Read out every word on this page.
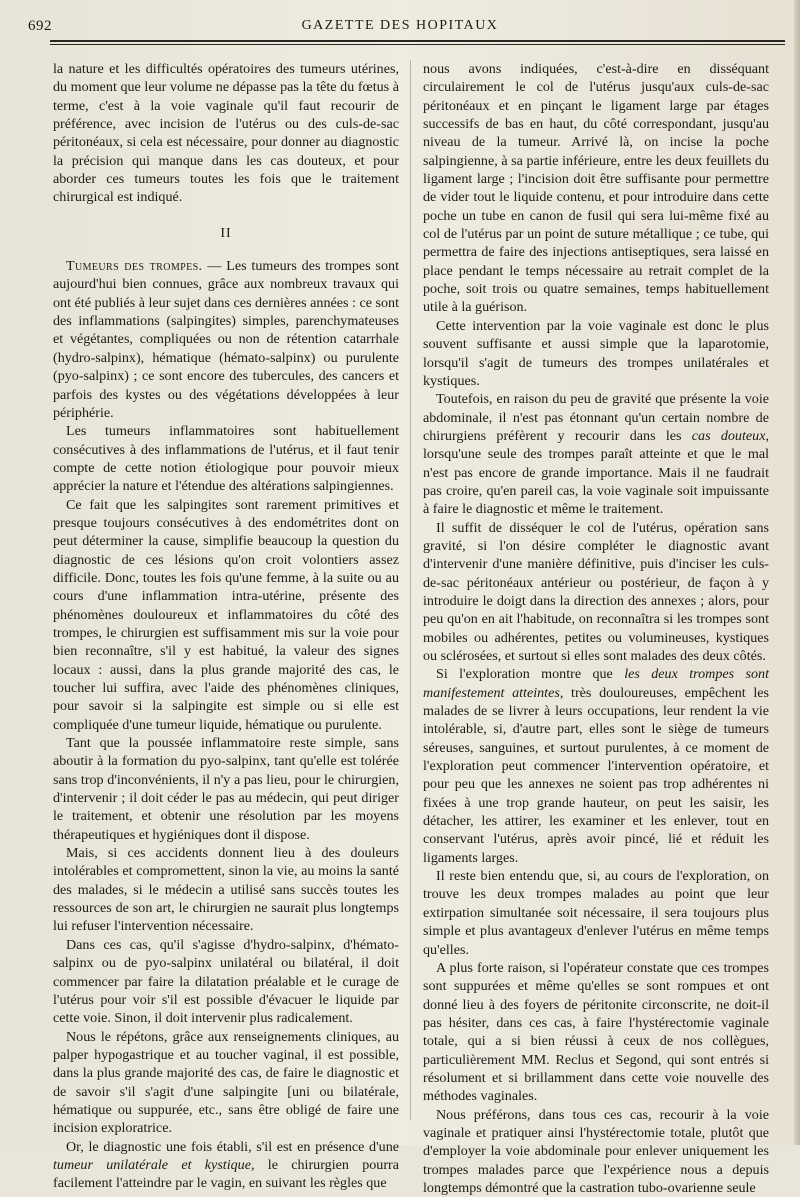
692	GAZETTE DES HOPITAUX

la nature et les difficultés opératoires des tumeurs utérines, du moment que leur volume ne dépasse pas la tête du fœtus à terme, c'est à la voie vaginale qu'il faut recourir de préférence, avec incision de l'utérus ou des culs-de-sac péritonéaux, si cela est nécessaire, pour donner au diagnostic la précision qui manque dans les cas douteux, et pour aborder ces tumeurs toutes les fois que le traitement chirurgical est indiqué.

II

Tumeurs des trompes. — Les tumeurs des trompes sont aujourd'hui bien connues, grâce aux nombreux travaux qui ont été publiés à leur sujet dans ces dernières années : ce sont des inflammations (salpingites) simples, parenchymateuses et végétantes, compliquées ou non de rétention catarrhale (hydro-salpinx), hématique (hémato-salpinx) ou purulente (pyo-salpinx) ; ce sont encore des tubercules, des cancers et parfois des kystes ou des végétations développées à leur périphérie.

Les tumeurs inflammatoires sont habituellement consécutives à des inflammations de l'utérus, et il faut tenir compte de cette notion étiologique pour pouvoir mieux apprécier la nature et l'étendue des altérations salpingiennes.

Ce fait que les salpingites sont rarement primitives et presque toujours consécutives à des endométrites dont on peut déterminer la cause, simplifie beaucoup la question du diagnostic de ces lésions qu'on croit volontiers assez difficile. Donc, toutes les fois qu'une femme, à la suite ou au cours d'une inflammation intra-utérine, présente des phénomènes douloureux et inflammatoires du côté des trompes, le chirurgien est suffisamment mis sur la voie pour bien reconnaître, s'il y est habitué, la valeur des signes locaux : aussi, dans la plus grande majorité des cas, le toucher lui suffira, avec l'aide des phénomènes cliniques, pour savoir si la salpingite est simple ou si elle est compliquée d'une tumeur liquide, hématique ou purulente.

Tant que la poussée inflammatoire reste simple, sans aboutir à la formation du pyo-salpinx, tant qu'elle est tolérée sans trop d'inconvénients, il n'y a pas lieu, pour le chirurgien, d'intervenir ; il doit céder le pas au médecin, qui peut diriger le traitement, et obtenir une résolution par les moyens thérapeutiques et hygiéniques dont il dispose.

Mais, si ces accidents donnent lieu à des douleurs intolérables et compromettent, sinon la vie, au moins la santé des malades, si le médecin a utilisé sans succès toutes les ressources de son art, le chirurgien ne saurait plus longtemps lui refuser l'intervention nécessaire.

Dans ces cas, qu'il s'agisse d'hydro-salpinx, d'hémato-salpinx ou de pyo-salpinx unilatéral ou bilatéral, il doit commencer par faire la dilatation préalable et le curage de l'utérus pour voir s'il est possible d'évacuer le liquide par cette voie. Sinon, il doit intervenir plus radicalement.

Nous le répétons, grâce aux renseignements cliniques, au palper hypogastrique et au toucher vaginal, il est possible, dans la plus grande majorité des cas, de faire le diagnostic et de savoir s'il s'agit d'une salpingite [uni ou bilatérale, hématique ou suppurée, etc., sans être obligé de faire une incision exploratrice.

Or, le diagnostic une fois établi, s'il est en présence d'une tumeur unilatérale et kystique, le chirurgien pourra facilement l'atteindre par le vagin, en suivant les règles que

nous avons indiquées, c'est-à-dire en disséquant circulairement le col de l'utérus jusqu'aux culs-de-sac péritonéaux et en pinçant le ligament large par étages successifs de bas en haut, du côté correspondant, jusqu'au niveau de la tumeur. Arrivé là, on incise la poche salpingienne, à sa partie inférieure, entre les deux feuillets du ligament large ; l'incision doit être suffisante pour permettre de vider tout le liquide contenu, et pour introduire dans cette poche un tube en canon de fusil qui sera lui-même fixé au col de l'utérus par un point de suture métallique ; ce tube, qui permettra de faire des injections antiseptiques, sera laissé en place pendant le temps nécessaire au retrait complet de la poche, soit trois ou quatre semaines, temps habituellement utile à la guérison.

Cette intervention par la voie vaginale est donc le plus souvent suffisante et aussi simple que la laparotomie, lorsqu'il s'agit de tumeurs des trompes unilatérales et kystiques.

Toutefois, en raison du peu de gravité que présente la voie abdominale, il n'est pas étonnant qu'un certain nombre de chirurgiens préfèrent y recourir dans les cas douteux, lorsqu'une seule des trompes paraît atteinte et que le mal n'est pas encore de grande importance. Mais il ne faudrait pas croire, qu'en pareil cas, la voie vaginale soit impuissante à faire le diagnostic et même le traitement.

Il suffit de disséquer le col de l'utérus, opération sans gravité, si l'on désire compléter le diagnostic avant d'intervenir d'une manière définitive, puis d'inciser les culs-de-sac péritonéaux antérieur ou postérieur, de façon à y introduire le doigt dans la direction des annexes ; alors, pour peu qu'on en ait l'habitude, on reconnaîtra si les trompes sont mobiles ou adhérentes, petites ou volumineuses, kystiques ou sclérosées, et surtout si elles sont malades des deux côtés.

Si l'exploration montre que les deux trompes sont manifestement atteintes, très douloureuses, empêchent les malades de se livrer à leurs occupations, leur rendent la vie intolérable, si, d'autre part, elles sont le siège de tumeurs séreuses, sanguines, et surtout purulentes, à ce moment de l'exploration peut commencer l'intervention opératoire, et pour peu que les annexes ne soient pas trop adhérentes ni fixées à une trop grande hauteur, on peut les saisir, les détacher, les attirer, les examiner et les enlever, tout en conservant l'utérus, après avoir pincé, lié et réduit les ligaments larges.

Il reste bien entendu que, si, au cours de l'exploration, on trouve les deux trompes malades au point que leur extirpation simultanée soit nécessaire, il sera toujours plus simple et plus avantageux d'enlever l'utérus en même temps qu'elles.

A plus forte raison, si l'opérateur constate que ces trompes sont suppurées et même qu'elles se sont rompues et ont donné lieu à des foyers de péritonite circonscrite, ne doit-il pas hésiter, dans ces cas, à faire l'hystérectomie vaginale totale, qui a si bien réussi à ceux de nos collègues, particulièrement MM. Reclus et Segond, qui sont entrés si résolument et si brillamment dans cette voie nouvelle des méthodes vaginales.

Nous préférons, dans tous ces cas, recourir à la voie vaginale et pratiquer ainsi l'hystérectomie totale, plutôt que d'employer la voie abdominale pour enlever uniquement les trompes malades parce que l'expérience nous a depuis longtemps démontré que la castration tubo-ovarienne seule
